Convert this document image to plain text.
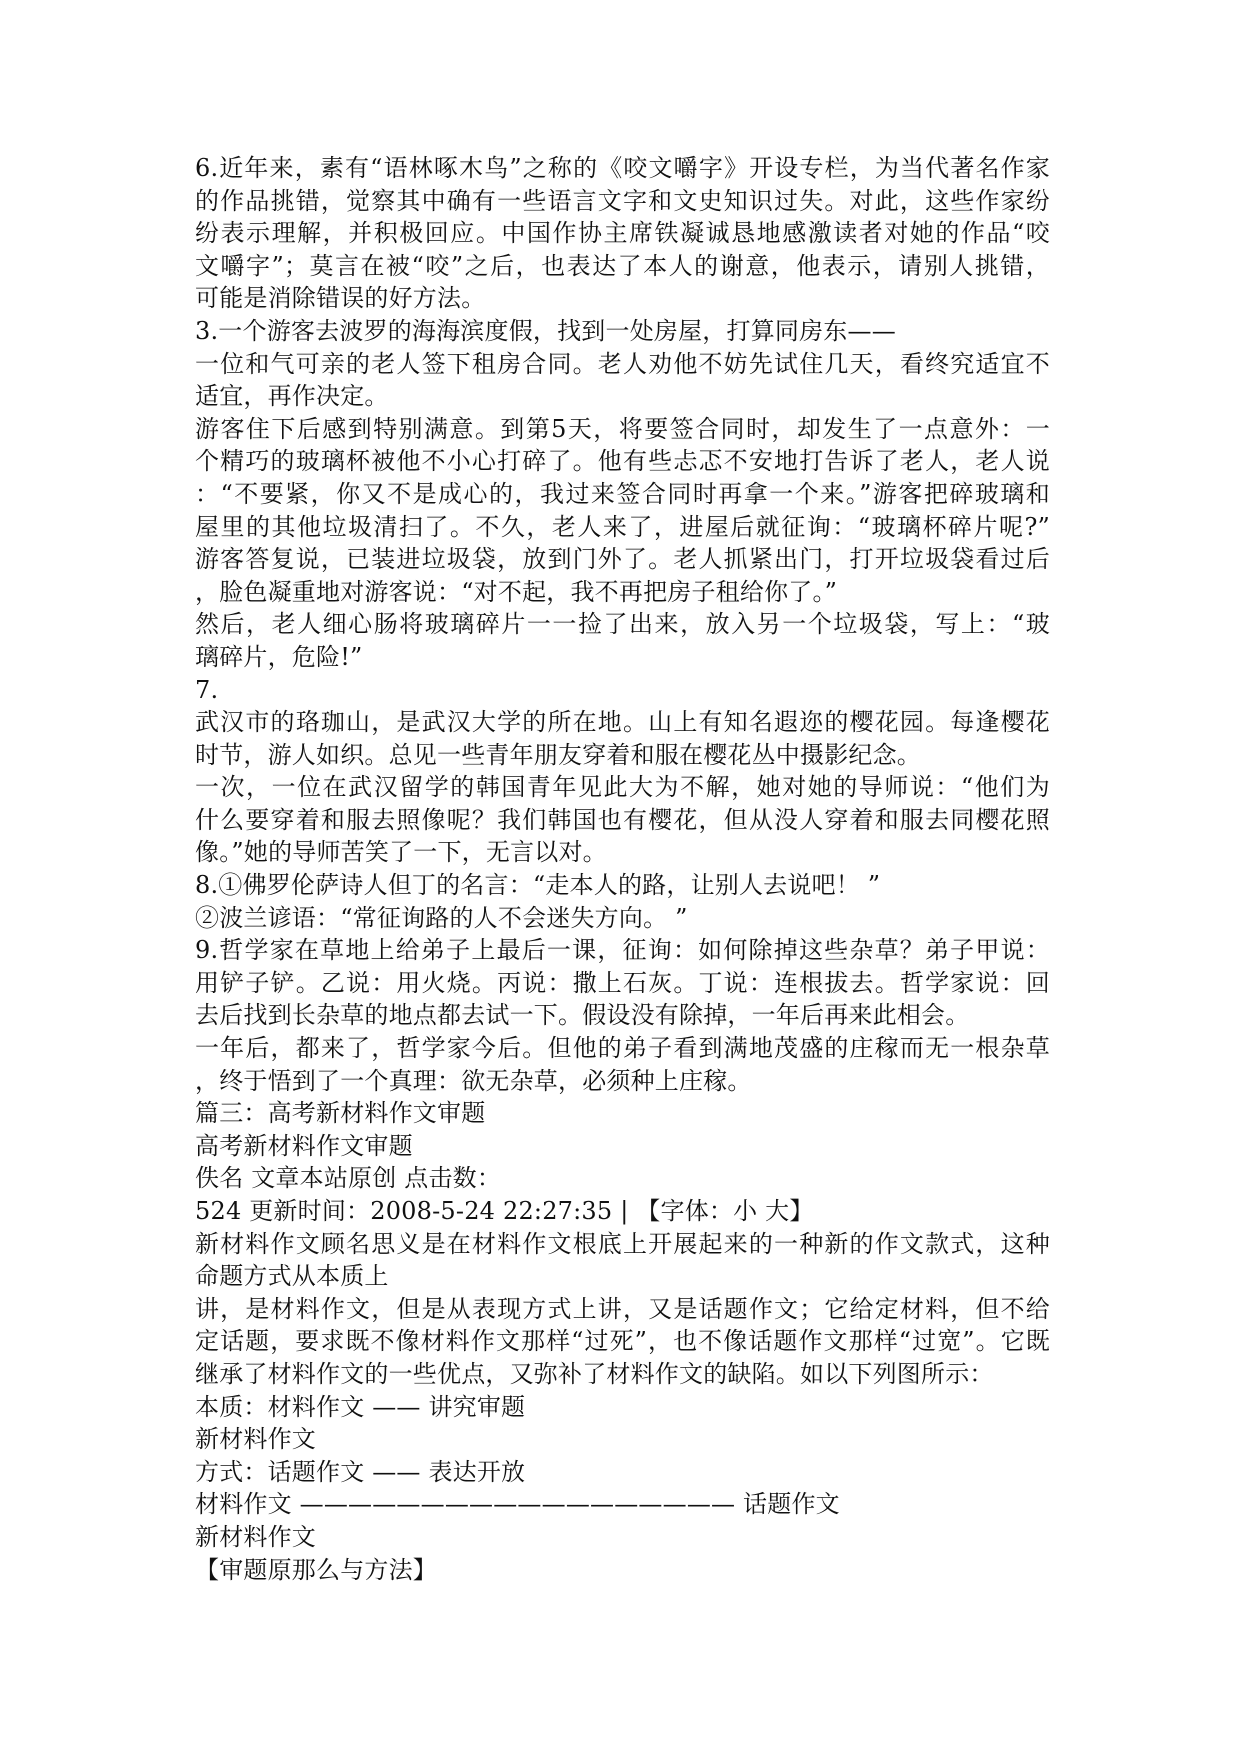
6.近年来，素有“语林啄木鸟”之称的《咬文嚼字》开设专栏，为当代著名作家
的作品挑错，觉察其中确有一些语言文字和文史知识过失。对此，这些作家纷
纷表示理解，并积极回应。中国作协主席铁凝诚恳地感激读者对她的作品“咬
文嚼字”；莫言在被“咬”之后，也表达了本人的谢意，他表示，请别人挑错，
可能是消除错误的好方法。
3.一个游客去波罗的海海滨度假，找到一处房屋，打算同房东——
一位和气可亲的老人签下租房合同。老人劝他不妨先试住几天，看终究适宜不
适宜，再作决定。
游客住下后感到特别满意。到第5天，将要签合同时，却发生了一点意外：一
个精巧的玻璃杯被他不小心打碎了。他有些忐忑不安地打告诉了老人，老人说
：“不要紧，你又不是成心的，我过来签合同时再拿一个来。”游客把碎玻璃和
屋里的其他垃圾清扫了。不久，老人来了，进屋后就征询：“玻璃杯碎片呢?”
游客答复说，已装进垃圾袋，放到门外了。老人抓紧出门，打开垃圾袋看过后
，脸色凝重地对游客说：“对不起，我不再把房子租给你了。”
然后，老人细心肠将玻璃碎片一一捡了出来，放入另一个垃圾袋，写上：“玻
璃碎片，危险!”
7.
武汉市的珞珈山，是武汉大学的所在地。山上有知名遐迩的樱花园。每逢樱花
时节，游人如织。总见一些青年朋友穿着和服在樱花丛中摄影纪念。
一次，一位在武汉留学的韩国青年见此大为不解，她对她的导师说：“他们为
什么要穿着和服去照像呢？我们韩国也有樱花，但从没人穿着和服去同樱花照
像。”她的导师苦笑了一下，无言以对。
8.①佛罗伦萨诗人但丁的名言：“走本人的路，让别人去说吧！ ”
②波兰谚语：“常征询路的人不会迷失方向。 ”
9.哲学家在草地上给弟子上最后一课，征询：如何除掉这些杂草？弟子甲说：
用铲子铲。乙说：用火烧。丙说：撒上石灰。丁说：连根拔去。哲学家说：回
去后找到长杂草的地点都去试一下。假设没有除掉，一年后再来此相会。
一年后，都来了，哲学家今后。但他的弟子看到满地茂盛的庄稼而无一根杂草
，终于悟到了一个真理：欲无杂草，必须种上庄稼。
篇三：高考新材料作文审题
高考新材料作文审题
佚名 文章本站原创 点击数：
524 更新时间：2008-5-24 22:27:35 | 【字体：小 大】
新材料作文顾名思义是在材料作文根底上开展起来的一种新的作文款式，这种
命题方式从本质上
讲，是材料作文，但是从表现方式上讲，又是话题作文；它给定材料，但不给
定话题，要求既不像材料作文那样“过死”，也不像话题作文那样“过宽”。它既
继承了材料作文的一些优点，又弥补了材料作文的缺陷。如以下列图所示：
本质：材料作文 —— 讲究审题
新材料作文
方式：话题作文 —— 表达开放
材料作文 —————————————————— 话题作文
新材料作文
【审题原那么与方法】
